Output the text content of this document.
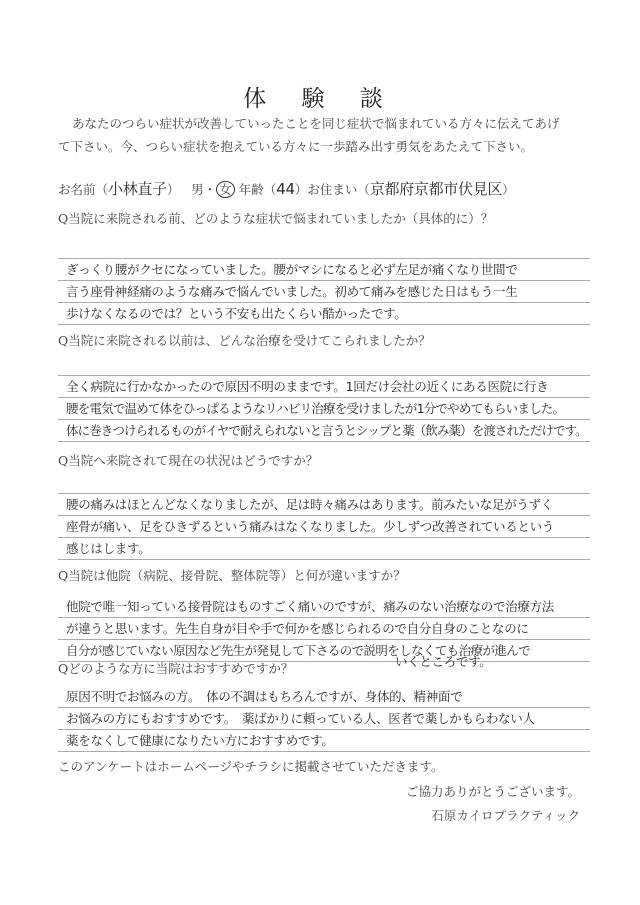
体 験 談
あなたのつらい症状が改善していったことを同じ症状で悩まれている方々に伝えてあげ
て下さい。今、つらい症状を抱えている方々に一歩踏み出す勇気をあたえて下さい。
お名前（小林直子） 男・ 女 年齢（44）お住まい（京都府京都市伏見区）
Q当院に来院される前、どのような症状で悩まれていましたか（具体的に）？
ぎっくり腰がクセになっていました。腰がマシになると必ず左足が痛くなり世間で
言う座骨神経痛のような痛みで悩んでいました。初めて痛みを感じた日はもう一生
歩けなくなるのでは？という不安も出たくらい酷かったです。
Q当院に来院される以前は、どんな治療を受けてこられましたか？
全く病院に行かなかったので原因不明のままです。1回だけ会社の近くにある医院に行き
腰を電気で温めて体をひっぱるようなリハビリ治療を受けましたが1分でやめてもらいました。
体に巻きつけられるものがイヤで耐えられないと言うとシップと薬（飲み薬）を渡されただけです。
Q当院へ来院されて現在の状況はどうですか？
腰の痛みはほとんどなくなりましたが、足は時々痛みはあります。前みたいな足がうずく
座骨が痛い、足をひきずるという痛みはなくなりました。少しずつ改善されているという
感じはします。
Q当院は他院（病院、接骨院、整体院等）と何が違いますか？
他院で唯一知っている接骨院はものすごく痛いのですが、痛みのない治療なので治療方法
が違うと思います。先生自身が目や手で何かを感じられるので自分自身のことなのに
自分が感じていない原因など先生が発見して下さるので説明をしなくても治療が進んで
いくところです。
Qどのような方に当院はおすすめですか？
原因不明でお悩みの方。　体の不調はもちろんですが、身体的、精神面で
お悩みの方にもおすすめです。　薬ばかりに頼っている人、医者で薬しかもらわない人
薬をなくして健康になりたい方におすすめです。
このアンケートはホームページやチラシに掲載させていただきます。
ご協力ありがとうございます。
石原カイロプラクティック
